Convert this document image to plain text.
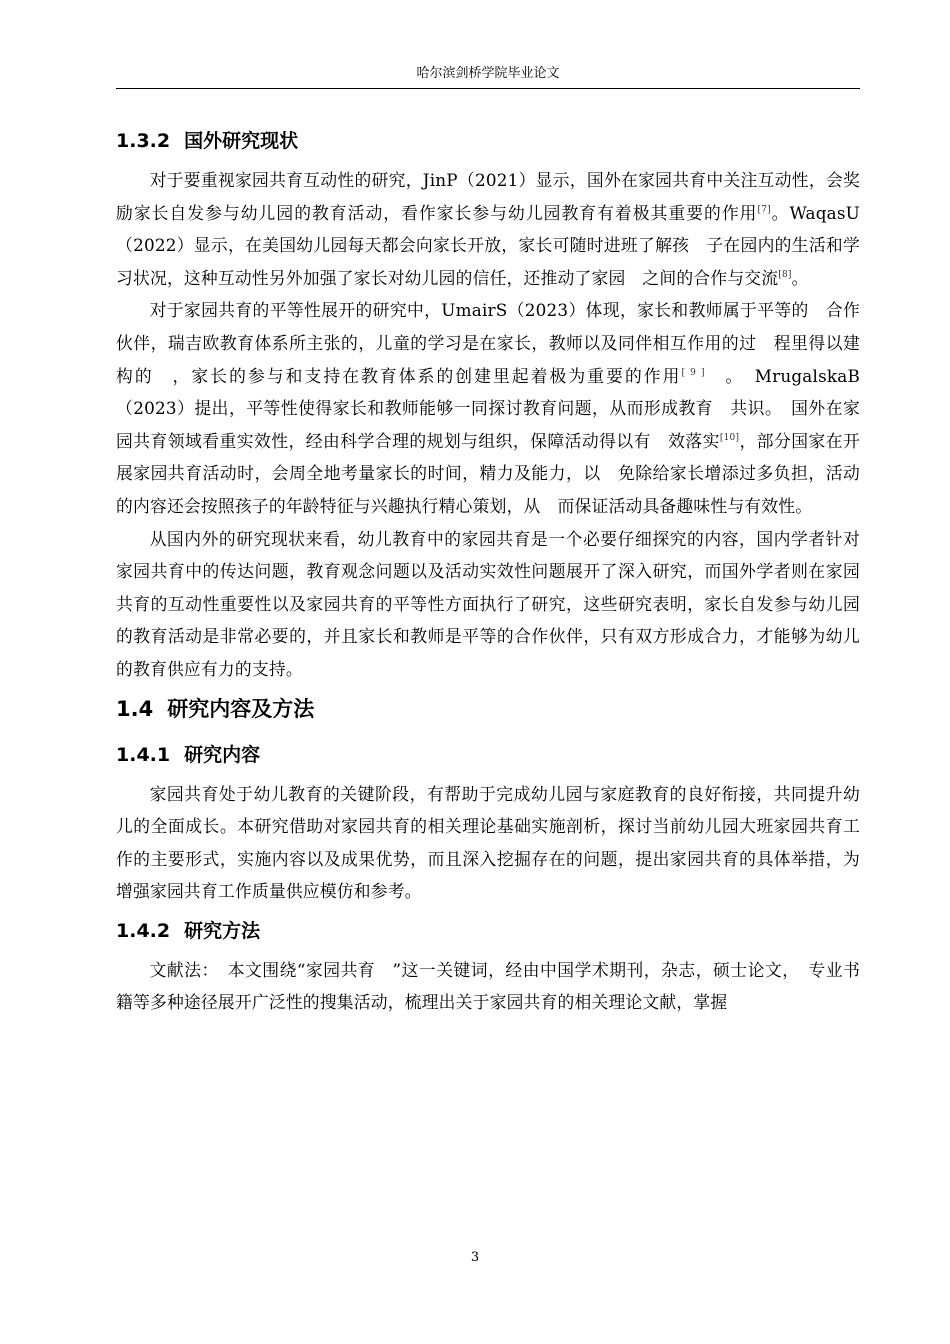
哈尔滨剑桥学院毕业论文
1.3.2 国外研究现状

对于要重视家园共育互动性的研究，JinP（2021）显示，国外在家园共育中关注互动性，会奖励家长自发参与幼儿园的教育活动，看作家长参与幼儿园教育有着极其重要的作用[7]。WaqasU（2022）显示，在美国幼儿园每天都会向家长开放，家长可随时进班了解孩　子在园内的生活和学习状况，这种互动性另外加强了家长对幼儿园的信任，还推动了家园　之间的合作与交流[8]。

对于家园共育的平等性展开的研究中，UmairS（2023）体现，家长和教师属于平等的　合作伙伴，瑞吉欧教育体系所主张的，儿童的学习是在家长，教师以及同伴相互作用的过　程里得以建构的　，家长的参与和支持在教育体系的创建里起着极为重要的作用[ 9 ]　。　MrugalskaB（2023）提出，平等性使得家长和教师能够一同探讨教育问题，从而形成教育　共识。　国外在家园共育领域看重实效性，经由科学合理的规划与组织，保障活动得以有　效落实[10]，部分国家在开展家园共育活动时，会周全地考量家长的时间，精力及能力，以　免除给家长增添过多负担，活动的内容还会按照孩子的年龄特征与兴趣执行精心策划，从　而保证活动具备趣味性与有效性。

从国内外的研究现状来看，幼儿教育中的家园共育是一个必要仔细探究的内容，国内学者针对家园共育中的传达问题，教育观念问题以及活动实效性问题展开了深入研究，而国外学者则在家园共育的互动性重要性以及家园共育的平等性方面执行了研究，这些研究表明，家长自发参与幼儿园的教育活动是非常必要的，并且家长和教师是平等的合作伙伴，只有双方形成合力，才能够为幼儿的教育供应有力的支持。

1.4 研究内容及方法
1.4.1 研究内容

家园共育处于幼儿教育的关键阶段，有帮助于完成幼儿园与家庭教育的良好衔接，共同提升幼儿的全面成长。本研究借助对家园共育的相关理论基础实施剖析，探讨当前幼儿园大班家园共育工作的主要形式，实施内容以及成果优势，而且深入挖掘存在的问题，提出家园共育的具体举措，为增强家园共育工作质量供应模仿和参考。

1.4.2 研究方法

文献法：　本文围绕“家园共育　”这一关键词，经由中国学术期刊，杂志，硕士论文，　专业书籍等多种途径展开广泛性的搜集活动，梳理出关于家园共育的相关理论文献，掌握

3
